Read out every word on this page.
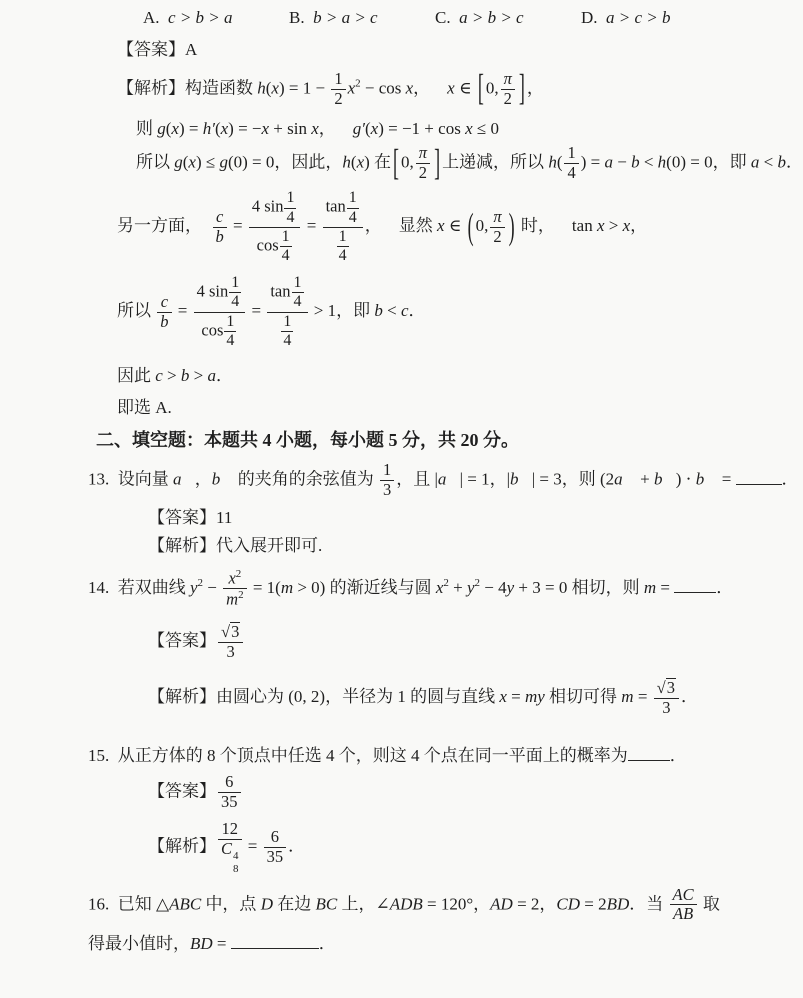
A. c > b > a	B. b > a > c	C. a > b > c	D. a > c > b
【答案】A
【解析】构造函数 $h(x) = 1 - \frac{1}{2} x^2 - \cos x$， x ∈ [ 0, $\frac{\pi}{2}$ ] ，
则 g(x) = h′(x) = −x + sin x， g′(x) = −1 + cos x ≤ 0
所以 g(x) ≤ g(0) = 0，因此，h(x) 在 [ 0, $\frac{\pi}{2}$ ] 上递减，所以 $h( \frac{1}{4}$ ) = a − b < h(0) = 0，即 a < b．
另一方面，  $\frac{c}{b} = \frac{4 \sin \frac{1}{4}}{\cos \frac{1}{4}} = \frac{\tan \frac{1}{4}}{\frac{1}{4}}$ ， 显然 x ∈ ( 0, $\frac{\pi}{2}$ ) 时， tan x > x，
所以 $\frac{c}{b} = \frac{4 \sin \frac{1}{4}}{\cos \frac{1}{4}} = \frac{\tan \frac{1}{4}}{\frac{1}{4}} > 1$，即 b < c．
因此 c > b > a．
即选 A.
二、填空题：本题共 4 小题，每小题 5 分，共 20 分。
13. 设向量 a⃗，b⃗ 的夹角的余弦值为 $\frac{1}{3}$ ，且 |a⃗| = 1，|b⃗| = 3，则 (2a⃗ + b⃗) ⋅ b⃗ =	．
【答案】11
【解析】代入展开即可.
14. 若双曲线 $y^2 - \frac{x^2}{m^2} = 1(m > 0)$ 的渐近线与圆 $x^2 + y^2 - 4y + 3 = 0$ 相切，则 m = ．
【答案】 $\frac{√3}{3}$
【解析】由圆心为 (0, 2)，半径为 1 的圆与直线 x = my 相切可得 $m = \frac{√3}{3}$ ．
15. 从正方体的 8 个顶点中任选 4 个，则这 4 个点在同一平面上的概率为 ．
【答案】 $\frac{6}{35}$
【解析】 12
C 4
$8 = \frac{6}{35}$ ．
16. 已知 △ABC 中，点 D 在边 BC 上，∠ADB = 120°，AD = 2，CD = 2BD．当 $\frac{AC}{AB}$ 取
得最小值时，BD =	．
